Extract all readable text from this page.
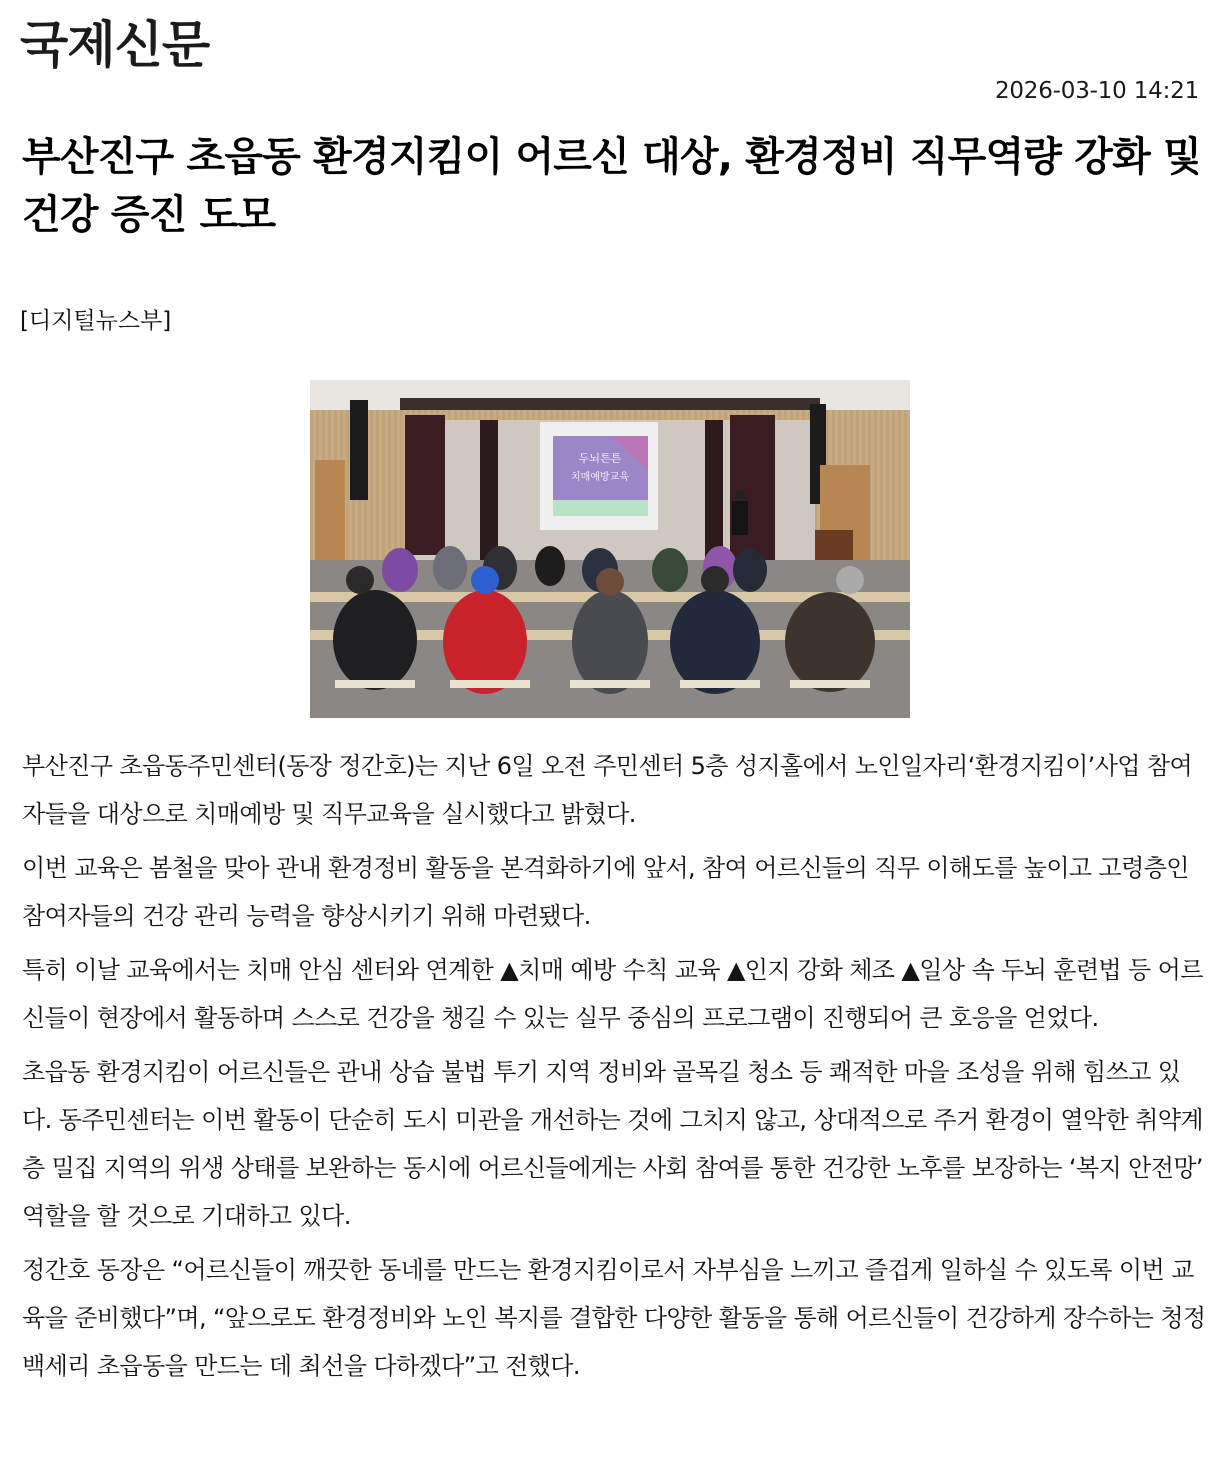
국제신문
2026-03-10 14:21
부산진구 초읍동 환경지킴이 어르신 대상, 환경정비 직무역량 강화 및 건강 증진 도모
[디지털뉴스부]
두뇌튼튼
치매예방교육

부산진구 초읍동주민센터(동장 정간호)는 지난 6일 오전 주민센터 5층 성지홀에서 노인일자리‘환경지킴이’사업 참여자들을 대상으로 치매예방 및 직무교육을 실시했다고 밝혔다.

이번 교육은 봄철을 맞아 관내 환경정비 활동을 본격화하기에 앞서, 참여 어르신들의 직무 이해도를 높이고 고령층인 참여자들의 건강 관리 능력을 향상시키기 위해 마련됐다.

특히 이날 교육에서는 치매 안심 센터와 연계한 ▲치매 예방 수칙 교육 ▲인지 강화 체조 ▲일상 속 두뇌 훈련법 등 어르신들이 현장에서 활동하며 스스로 건강을 챙길 수 있는 실무 중심의 프로그램이 진행되어 큰 호응을 얻었다.

초읍동 환경지킴이 어르신들은 관내 상습 불법 투기 지역 정비와 골목길 청소 등 쾌적한 마을 조성을 위해 힘쓰고 있다. 동주민센터는 이번 활동이 단순히 도시 미관을 개선하는 것에 그치지 않고, 상대적으로 주거 환경이 열악한 취약계층 밀집 지역의 위생 상태를 보완하는 동시에 어르신들에게는 사회 참여를 통한 건강한 노후를 보장하는 ‘복지 안전망’ 역할을 할 것으로 기대하고 있다.

정간호 동장은 “어르신들이 깨끗한 동네를 만드는 환경지킴이로서 자부심을 느끼고 즐겁게 일하실 수 있도록 이번 교육을 준비했다”며, “앞으로도 환경정비와 노인 복지를 결합한 다양한 활동을 통해 어르신들이 건강하게 장수하는 청정백세리 초읍동을 만드는 데 최선을 다하겠다”고 전했다.
